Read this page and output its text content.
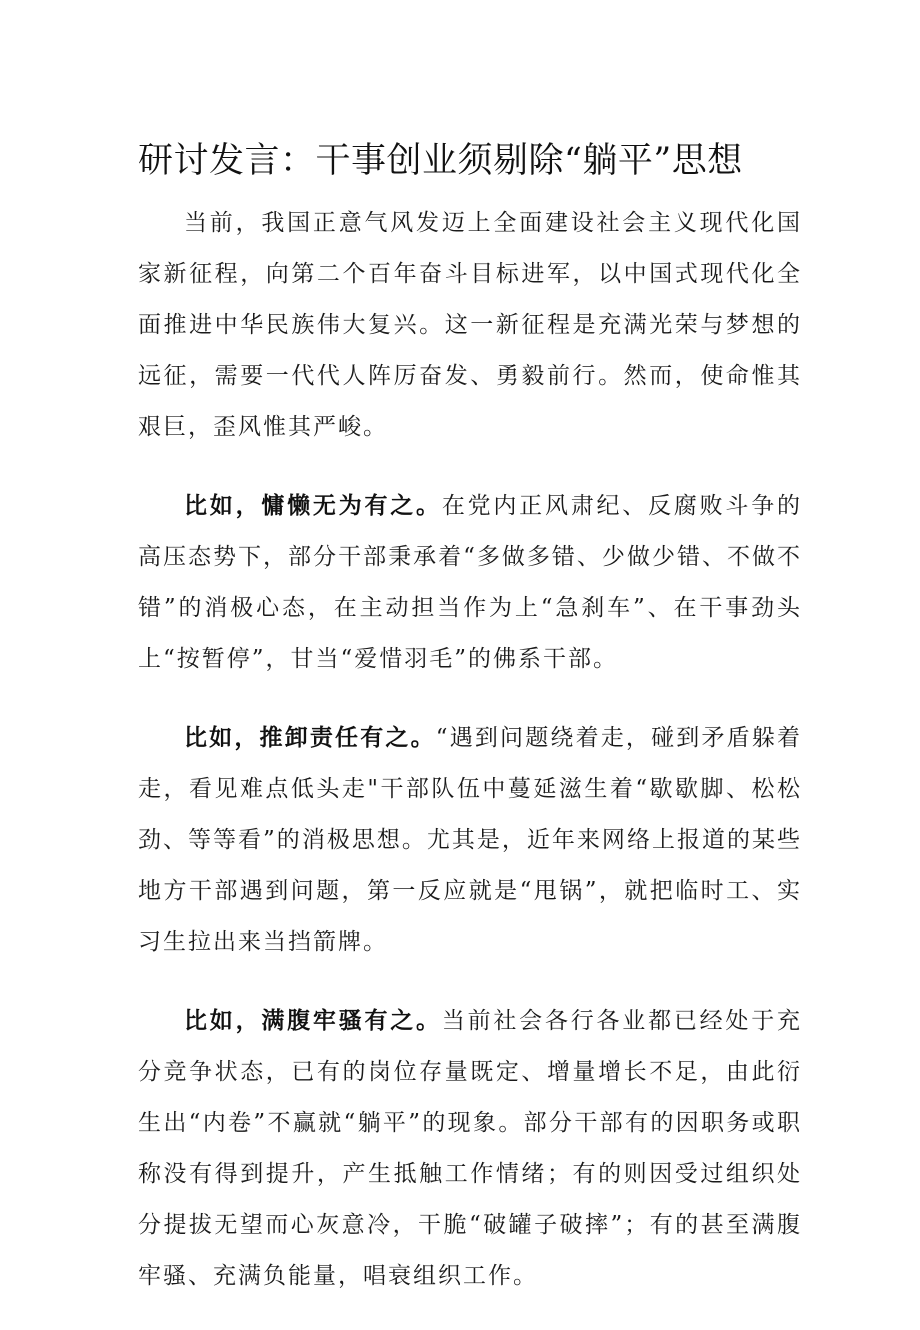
研讨发言：干事创业须剔除“躺平”思想

当前，我国正意气风发迈上全面建设社会主义现代化国家新征程，向第二个百年奋斗目标进军，以中国式现代化全面推进中华民族伟大复兴。这一新征程是充满光荣与梦想的远征，需要一代代人阵厉奋发、勇毅前行。然而，使命惟其艰巨，歪风惟其严峻。

比如，慵懒无为有之。在党内正风肃纪、反腐败斗争的高压态势下，部分干部秉承着“多做多错、少做少错、不做不错”的消极心态，在主动担当作为上“急刹车”、在干事劲头上“按暂停”，甘当“爱惜羽毛”的佛系干部。

比如，推卸责任有之。“遇到问题绕着走，碰到矛盾躲着走，看见难点低头走"干部队伍中蔓延滋生着“歇歇脚、松松劲、等等看”的消极思想。尤其是，近年来网络上报道的某些地方干部遇到问题，第一反应就是“甩锅”，就把临时工、实习生拉出来当挡箭牌。

比如，满腹牢骚有之。当前社会各行各业都已经处于充分竞争状态，已有的岗位存量既定、增量增长不足，由此衍生出“内卷”不赢就“躺平”的现象。部分干部有的因职务或职称没有得到提升，产生抵触工作情绪；有的则因受过组织处分提拔无望而心灰意冷，干脆“破罐子破摔”；有的甚至满腹牢骚、充满负能量，唱衰组织工作。
